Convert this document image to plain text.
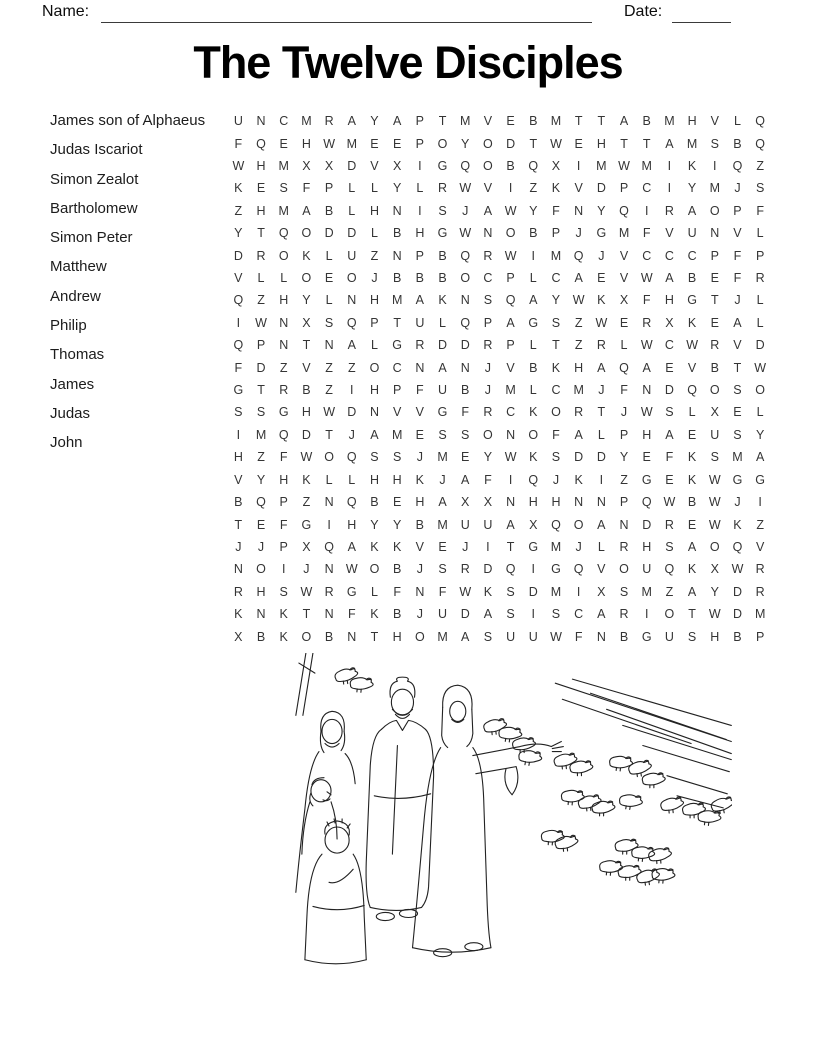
Name:	Date:
The Twelve Disciples
James son of Alphaeus
Judas Iscariot
Simon Zealot
Bartholomew
Simon Peter
Matthew
Andrew
Philip
Thomas
James
Judas
John
U	N	C	M	R	A	Y	A	P	T	M	V	E	B	M	T	T	A	B	M	H	V	L	Q
F	Q	E	H W M	E	E	P	O	Y	O	D	T	W	E	H	T	T	A	M	S	B	Q
W H	M	X	X	D	V	X	I	G	Q	O	B	Q	X	I	M W M	I	K	I	Q	Z
K	E	S	F	P	L	L	Y	L	R W	V	I	Z	K	V	D	P	C	I	Y	M	J	S
Z	H	M	A	B	L	H	N	I	S	J	A	W	Y	F	N	Y	Q	I	R	A	O	P	F
Y	T	Q	O	D	D	L	B	H	G W N	O	B	P	J	G	M	F	V	U	N	V	L
D	R	O	K	L	U	Z	N	P	B	Q	R W	I	M	Q	J	V	C	C	C	P	F	P
V	L	L	O	E	O	J	B	B	B	O	C	P	L	C	A	E	V	W	A	B	E	F	R
Q	Z	H	Y	L	N	H	M	A	K	N	S	Q	A	Y	W	K	X	F	H	G	T	J	L
I	W N	X	S	Q	P	T	U	L	Q	P	A	G	S	Z	W	E	R	X	K	E	A	L
Q	P	N	T	N	A	L	G	R	D	D	R	P	L	T	Z	R	L	W C W R	V	D
F	D	Z	V	Z	Z	O	C	N	A	N	J	V	B	K	H	A	Q	A	E	V	B	T	W
G	T	R	B	Z	I	H	P	F	U	B	J	M	L	C	M	J	F	N	D	Q	O	S	O
S	S	G	H W D	N	V	V	G	F	R	C	K	O	R	T	J	W	S	L	X	E	L
I	M	Q	D	T	J	A	M	E	S	S	O	N	O	F	A	L	P	H	A	E	U	S	Y
H	Z	F	W O	Q	S	S	J	M	E	Y	W	K	S	D	D	Y	E	F	K	S	M	A
V	Y	H	K	L	L	H	H	K	J	A	F	I	Q	J	K	I	Z	G	E	K	W G	G
B	Q	P	Z	N	Q	B	E	H	A	X	X	N	H	H	N	N	P	Q W	B	W	J	I
T	E	F	G	I	H	Y	Y	B	M	U	U	A	X	Q	O	A	N	D	R	E	W	K	Z
J	J	P	X	Q	A	K	K	V	E	J	I	T	G	M	J	L	R	H	S	A	O	Q	V
N	O	I	J	N W O	B	J	S	R	D	Q	I	G	Q	V	O	U	Q	K	X	W R
R	H	S	W R	G	L	F	N	F	W	K	S	D	M	I	X	S	M	Z	A	Y	D	R
K	N	K	T	N	F	K	B	J	U	D	A	S	I	S	C	A	R	I	O	T	W D	M
X	B	K	O	B	N	T	H	O	M	A	S	U	U W	F	N	B	G	U	S	H	B	P
